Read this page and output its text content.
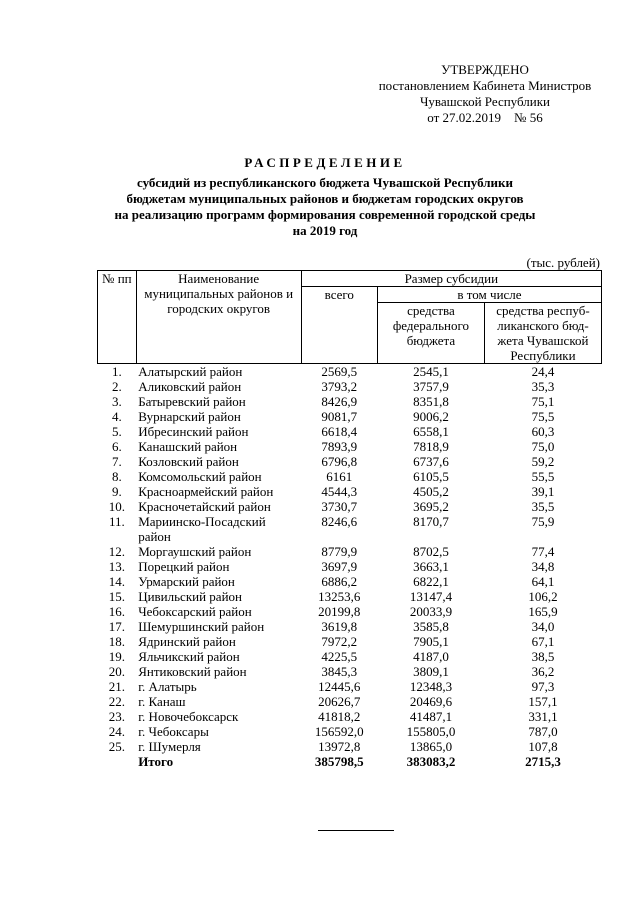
УТВЕРЖДЕНО
постановлением Кабинета Министров
Чувашской Республики
от 27.02.2019    № 56
РАСПРЕДЕЛЕНИЕ
субсидий из республиканского бюджета Чувашской Республики
бюджетам муниципальных районов и бюджетам городских округов
на реализацию программ формирования современной городской среды
на 2019 год
(тыс. рублей)
№ пп	Наименование муниципальных районов и городских округов	Размер субсидии		
		всего	в том числе	
			средства федерального бюджета	средства респуб-ликанского бюд-жета Чувашской Республики
1.	Алатырский район	2569,5	2545,1	24,4
2.	Аликовский район	3793,2	3757,9	35,3
3.	Батыревский район	8426,9	8351,8	75,1
4.	Вурнарский район	9081,7	9006,2	75,5
5.	Ибресинский район	6618,4	6558,1	60,3
6.	Канашский район	7893,9	7818,9	75,0
7.	Козловский район	6796,8	6737,6	59,2
8.	Комсомольский район	6161	6105,5	55,5
9.	Красноармейский район	4544,3	4505,2	39,1
10.	Красночетайский район	3730,7	3695,2	35,5
11.	Мариинско-Посадский район	8246,6	8170,7	75,9
12.	Моргаушский район	8779,9	8702,5	77,4
13.	Порецкий район	3697,9	3663,1	34,8
14.	Урмарский район	6886,2	6822,1	64,1
15.	Цивильский район	13253,6	13147,4	106,2
16.	Чебоксарский район	20199,8	20033,9	165,9
17.	Шемуршинский район	3619,8	3585,8	34,0
18.	Ядринский район	7972,2	7905,1	67,1
19.	Яльчикский район	4225,5	4187,0	38,5
20.	Янтиковский район	3845,3	3809,1	36,2
21.	г. Алатырь	12445,6	12348,3	97,3
22.	г. Канаш	20626,7	20469,6	157,1
23.	г. Новочебоксарск	41818,2	41487,1	331,1
24.	г. Чебоксары	156592,0	155805,0	787,0
25.	г. Шумерля	13972,8	13865,0	107,8
	Итого	385798,5	383083,2	2715,3
